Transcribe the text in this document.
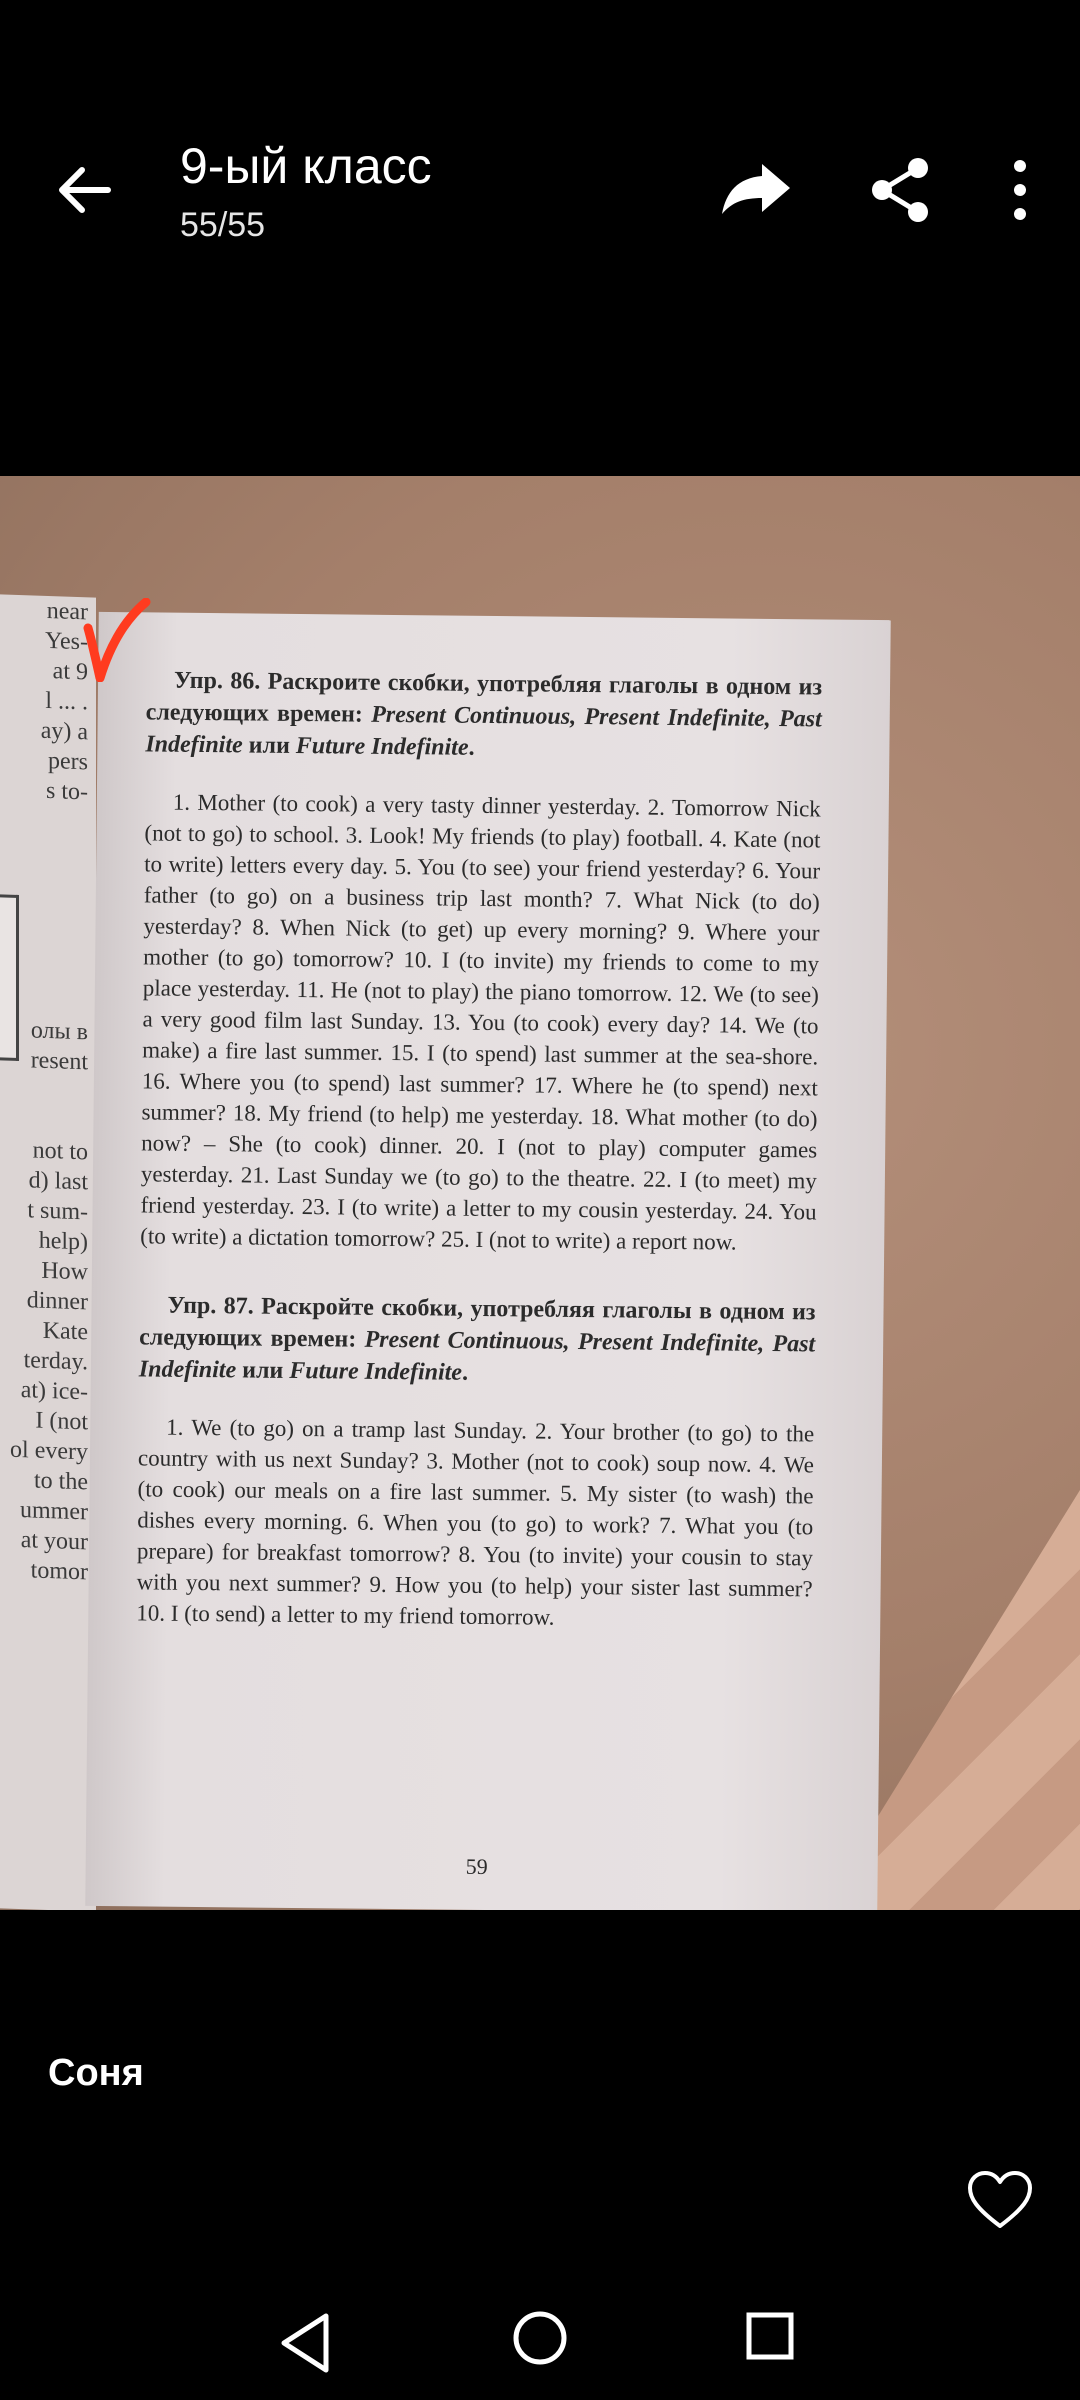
9-ый класс
55/55
near
Yes-
at 9
l ... .
ay) a
pers
s to-

олы в
resent

not to
d) last
t sum-
help)
How
dinner
Kate
terday.
at) ice-
I (not
ol every
to the
ummer
at your
tomor

Упр. 86. Раскроите скобки, употребляя глаголы в одном из следующих времен: Present Continuous, Present Indefinite, Past Indefinite или Future Indefinite.

1. Mother (to cook) a very tasty dinner yesterday. 2. Tomorrow Nick (not to go) to school. 3. Look! My friends (to play) football. 4. Kate (not to write) letters every day. 5. You (to see) your friend yesterday? 6. Your father (to go) on a business trip last month? 7. What Nick (to do) yesterday? 8. When Nick (to get) up every morning? 9. Where your mother (to go) tomorrow? 10. I (to invite) my friends to come to my place yesterday. 11. He (not to play) the piano tomorrow. 12. We (to see) a very good film last Sunday. 13. You (to cook) every day? 14. We (to make) a fire last summer. 15. I (to spend) last summer at the sea-shore. 16. Where you (to spend) last summer? 17. Where he (to spend) next summer? 18. My friend (to help) me yesterday. 18. What mother (to do) now? – She (to cook) dinner. 20. I (not to play) computer games yesterday. 21. Last Sunday we (to go) to the theatre. 22. I (to meet) my friend yesterday. 23. I (to write) a letter to my cousin yesterday. 24. You (to write) a dictation tomorrow? 25. I (not to write) a report now.

Упр. 87. Раскройте скобки, употребляя глаголы в одном из следующих времен: Present Continuous, Present Indefinite, Past Indefinite или Future Indefinite.

1. We (to go) on a tramp last Sunday. 2. Your brother (to go) to the country with us next Sunday? 3. Mother (not to cook) soup now. 4. We (to cook) our meals on a fire last summer. 5. My sister (to wash) the dishes every morning. 6. When you (to go) to work? 7. What you (to prepare) for breakfast tomorrow? 8. You (to invite) your cousin to stay with you next summer? 9. How you (to help) your sister last summer? 10. I (to send) a letter to my friend tomorrow.

59
Соня
